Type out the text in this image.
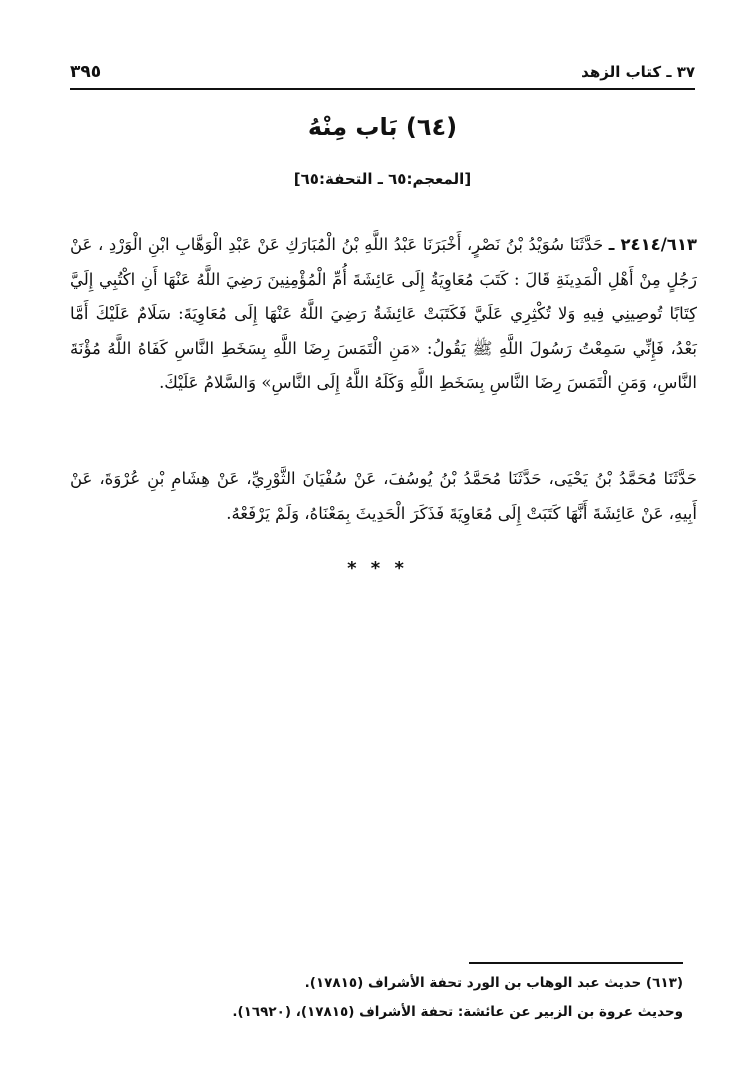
٣٧ ـ كتاب الزهد
٣٩٥
(٦٤) بَاب مِنْهُ
[المعجم:٦٥ ـ التحفة:٦٥]

٢٤١٤/٦١٣ ـ حَدَّثَنَا سُوَيْدُ بْنُ نَصْرٍ، أَخْبَرَنَا عَبْدُ اللَّهِ بْنُ الْمُبَارَكِ عَنْ عَبْدِ الْوَهَّابِ ابْنِ الْوَرْدِ ، عَنْ رَجُلٍ مِنْ أَهْلِ الْمَدِينَةِ قَالَ : كَتَبَ مُعَاوِيَةُ إِلَى عَائِشَةَ أُمِّ الْمُؤْمِنِينَ رَضِيَ اللَّهُ عَنْهَا أَنِ اكْتُبِي إِلَيَّ كِتَابًا تُوصِينِي فِيهِ وَلا تُكْثِرِي عَلَيَّ فَكَتَبَتْ عَائِشَةُ رَضِيَ اللَّهُ عَنْهَا إِلَى مُعَاوِيَةَ: سَلَامٌ عَلَيْكَ أَمَّا بَعْدُ، فَإِنِّي سَمِعْتُ رَسُولَ اللَّهِ ﷺ يَقُولُ: «مَنِ الْتَمَسَ رِضَا اللَّهِ بِسَخَطِ النَّاسِ كَفَاهُ اللَّهُ مُؤْنَةَ النَّاسِ، وَمَنِ الْتَمَسَ رِضَا النَّاسِ بِسَخَطِ اللَّهِ وَكَلَهُ اللَّهُ إِلَى النَّاسِ» وَالسَّلامُ عَلَيْكَ.

حَدَّثَنَا مُحَمَّدُ بْنُ يَحْيَى، حَدَّثَنَا مُحَمَّدُ بْنُ يُوسُفَ، عَنْ سُفْيَانَ الثَّوْرِيِّ، عَنْ هِشَامِ بْنِ عُرْوَةَ، عَنْ أَبِيهِ، عَنْ عَائِشَةَ أَنَّهَا كَتَبَتْ إِلَى مُعَاوِيَةَ فَذَكَرَ الْحَدِيثَ بِمَعْنَاهُ، وَلَمْ يَرْفَعْهُ.

* * *
(٦١٣) حديث عبد الوهاب بن الورد تحفة الأشراف (١٧٨١٥).
وحديث عروة بن الزبير عن عائشة: تحفة الأشراف (١٧٨١٥)، (١٦٩٢٠).
